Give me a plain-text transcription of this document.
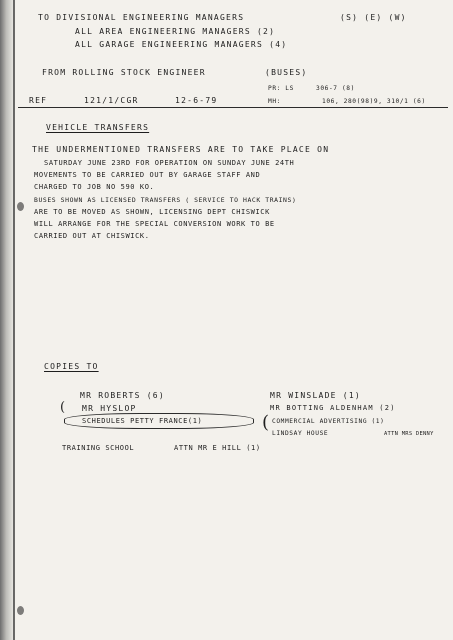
TO DIVISIONAL ENGINEERING MANAGERS	(S) (E) (W)
ALL AREA ENGINEERING MANAGERS (2)
ALL GARAGE ENGINEERING MANAGERS (4)
FROM ROLLING STOCK ENGINEER	(BUSES)
PR: LS	306-7 (8)
REF	121/1/CGR	12-6-79	MH:	106, 280(98)9, 310/1 (6)
VEHICLE TRANSFERS
THE UNDERMENTIONED TRANSFERS ARE TO TAKE PLACE ON
SATURDAY JUNE 23RD FOR OPERATION ON SUNDAY JUNE 24TH
MOVEMENTS TO BE CARRIED OUT BY GARAGE STAFF AND
CHARGED TO JOB NO 590 KO.
BUSES SHOWN AS LICENSED TRANSFERS ( SERVICE TO HACK TRAINS)
ARE TO BE MOVED AS SHOWN, LICENSING DEPT CHISWICK
WILL ARRANGE FOR THE SPECIAL CONVERSION WORK TO BE
CARRIED OUT AT CHISWICK.
COPIES TO
MR ROBERTS (6)
( MR HYSLOP
SCHEDULES PETTY FRANCE(1)
MR WINSLADE (1)
MR BOTTING ALDENHAM (2)
( COMMERCIAL ADVERTISING (1)
LINDSAY HOUSE	ATTN MRS DENNY
TRAINING SCHOOL	ATTN MR E HILL (1)
